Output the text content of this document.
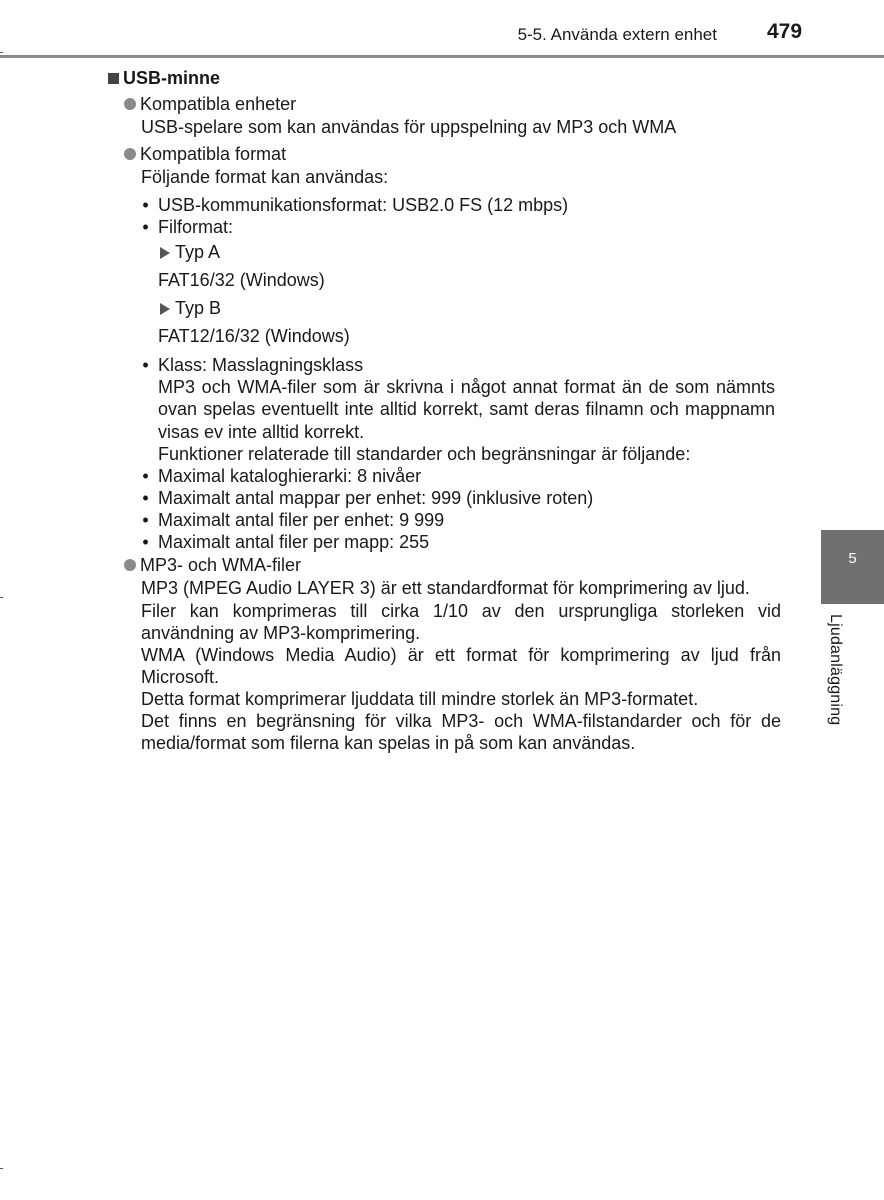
5-5. Använda extern enhet 479
5
Ljudanläggning
USB-minne
Kompatibla enheter
USB-spelare som kan användas för uppspelning av MP3 och WMA
Kompatibla format
Följande format kan användas:
• USB-kommunikationsformat: USB2.0 FS (12 mbps)
• Filformat:
Typ A
FAT16/32 (Windows)
Typ B
FAT12/16/32 (Windows)
• Klass: Masslagningsklass
MP3 och WMA-filer som är skrivna i något annat format än de som nämnts ovan spelas eventuellt inte alltid korrekt, samt deras filnamn och mappnamn visas ev inte alltid korrekt.
Funktioner relaterade till standarder och begränsningar är följande:
• Maximal kataloghierarki: 8 nivåer
• Maximalt antal mappar per enhet: 999 (inklusive roten)
• Maximalt antal filer per enhet: 9 999
• Maximalt antal filer per mapp: 255
MP3- och WMA-filer
MP3 (MPEG Audio LAYER 3) är ett standardformat för komprimering av ljud.
Filer kan komprimeras till cirka 1/10 av den ursprungliga storleken vid användning av MP3-komprimering.
WMA (Windows Media Audio) är ett format för komprimering av ljud från Microsoft.
Detta format komprimerar ljuddata till mindre storlek än MP3-formatet.
Det finns en begränsning för vilka MP3- och WMA-filstandarder och för de media/format som filerna kan spelas in på som kan användas.
